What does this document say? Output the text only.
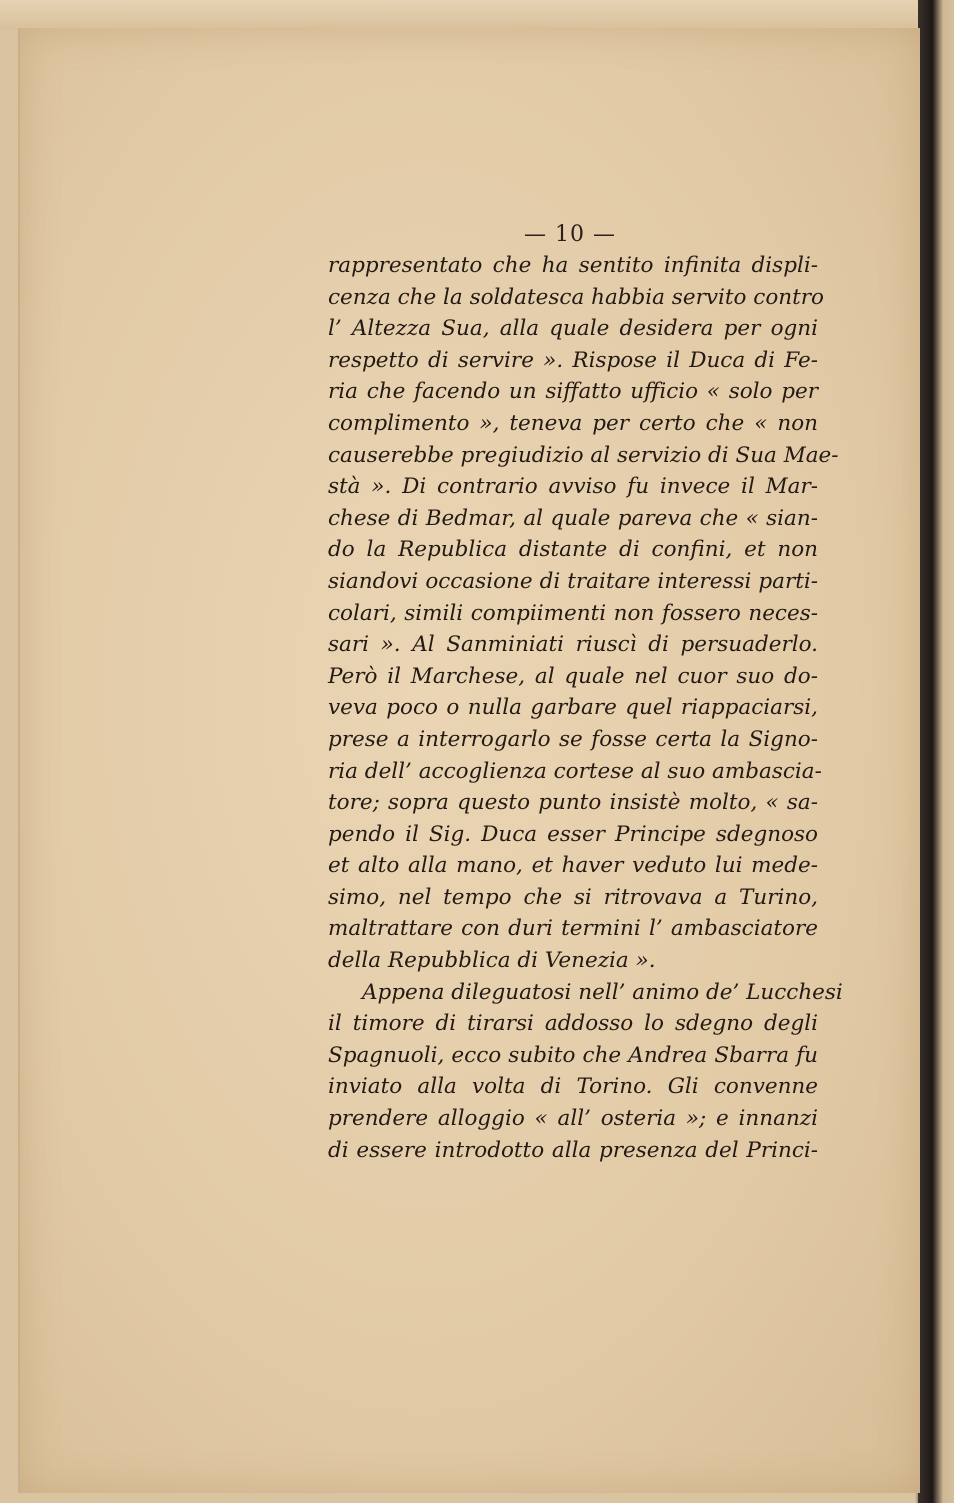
— 10 —
rappresentato che ha sentito infinita displi-
cenza che la soldatesca habbia servito contro
l’ Altezza Sua, alla quale desidera per ogni
respetto di servire ». Rispose il Duca di Fe-
ria che facendo un siffatto ufficio « solo per
complimento », teneva per certo che « non
causerebbe pregiudizio al servizio di Sua Mae-
stà ». Di contrario avviso fu invece il Mar-
chese di Bedmar, al quale pareva che « sian-
do la Republica distante di confini, et non
siandovi occasione di traitare interessi parti-
colari, simili compiimenti non fossero neces-
sari ». Al Sanminiati riuscì di persuaderlo.
Però il Marchese, al quale nel cuor suo do-
veva poco o nulla garbare quel riappaciarsi,
prese a interrogarlo se fosse certa la Signo-
ria dell’ accoglienza cortese al suo ambascia-
tore; sopra questo punto insistè molto, « sa-
pendo il Sig. Duca esser Principe sdegnoso
et alto alla mano, et haver veduto lui mede-
simo, nel tempo che si ritrovava a Turino,
maltrattare con duri termini l’ ambasciatore
della Repubblica di Venezia ».
Appena dileguatosi nell’ animo de’ Lucchesi
il timore di tirarsi addosso lo sdegno degli
Spagnuoli, ecco subito che Andrea Sbarra fu
inviato alla volta di Torino. Gli convenne
prendere alloggio « all’ osteria »; e innanzi
di essere introdotto alla presenza del Princi-
